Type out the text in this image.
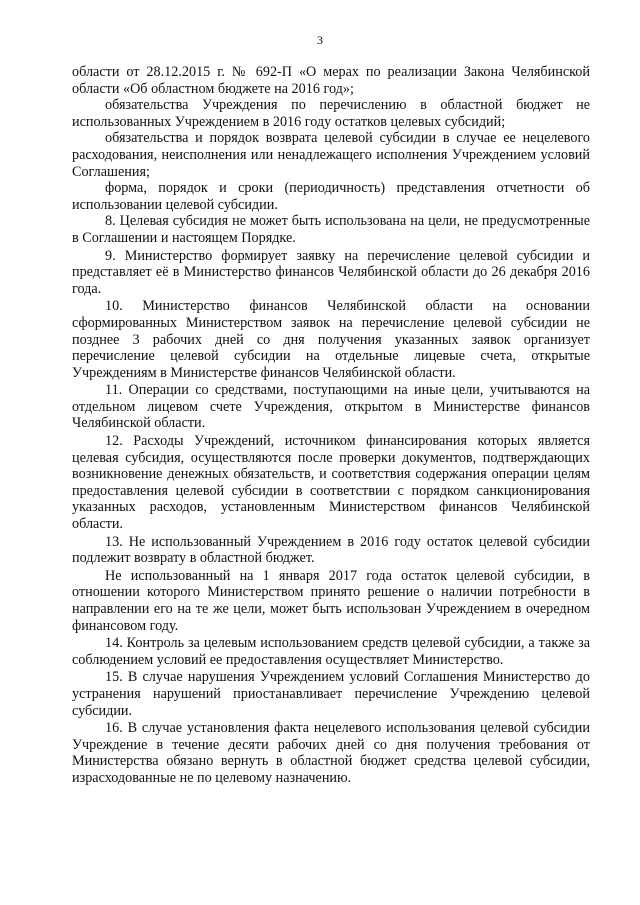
3

области от 28.12.2015 г. № 692-П «О мерах по реализации Закона Челябинской области «Об областном бюджете на 2016 год»;

обязательства Учреждения по перечислению в областной бюджет не использованных Учреждением в 2016 году остатков целевых субсидий;

обязательства и порядок возврата целевой субсидии в случае ее нецелевого расходования, неисполнения или ненадлежащего исполнения Учреждением условий Соглашения;

форма, порядок и сроки (периодичность) представления отчетности об использовании целевой субсидии.

8. Целевая субсидия не может быть использована на цели, не предусмотренные в Соглашении и настоящем Порядке.

9. Министерство формирует заявку на перечисление целевой субсидии и представляет её в Министерство финансов Челябинской области до 26 декабря 2016 года.

10. Министерство финансов Челябинской области на основании сформированных Министерством заявок на перечисление целевой субсидии не позднее 3 рабочих дней со дня получения указанных заявок организует перечисление целевой субсидии на отдельные лицевые счета, открытые Учреждениям в Министерстве финансов Челябинской области.

11. Операции со средствами, поступающими на иные цели, учитываются на отдельном лицевом счете Учреждения, открытом в Министерстве финансов Челябинской области.

12. Расходы Учреждений, источником финансирования которых является целевая субсидия, осуществляются после проверки документов, подтверждающих возникновение денежных обязательств, и соответствия содержания операции целям предоставления целевой субсидии в соответствии с порядком санкционирования указанных расходов, установленным Министерством финансов Челябинской области.

13. Не использованный Учреждением в 2016 году остаток целевой субсидии подлежит возврату в областной бюджет.

Не использованный на 1 января 2017 года остаток целевой субсидии, в отношении которого Министерством принято решение о наличии потребности в направлении его на те же цели, может быть использован Учреждением в очередном финансовом году.

14. Контроль за целевым использованием средств целевой субсидии, а также за соблюдением условий ее предоставления осуществляет Министерство.

15. В случае нарушения Учреждением условий Соглашения Министерство до устранения нарушений приостанавливает перечисление Учреждению целевой субсидии.

16. В случае установления факта нецелевого использования целевой субсидии Учреждение в течение десяти рабочих дней со дня получения требования от Министерства обязано вернуть в областной бюджет средства целевой субсидии, израсходованные не по целевому назначению.
